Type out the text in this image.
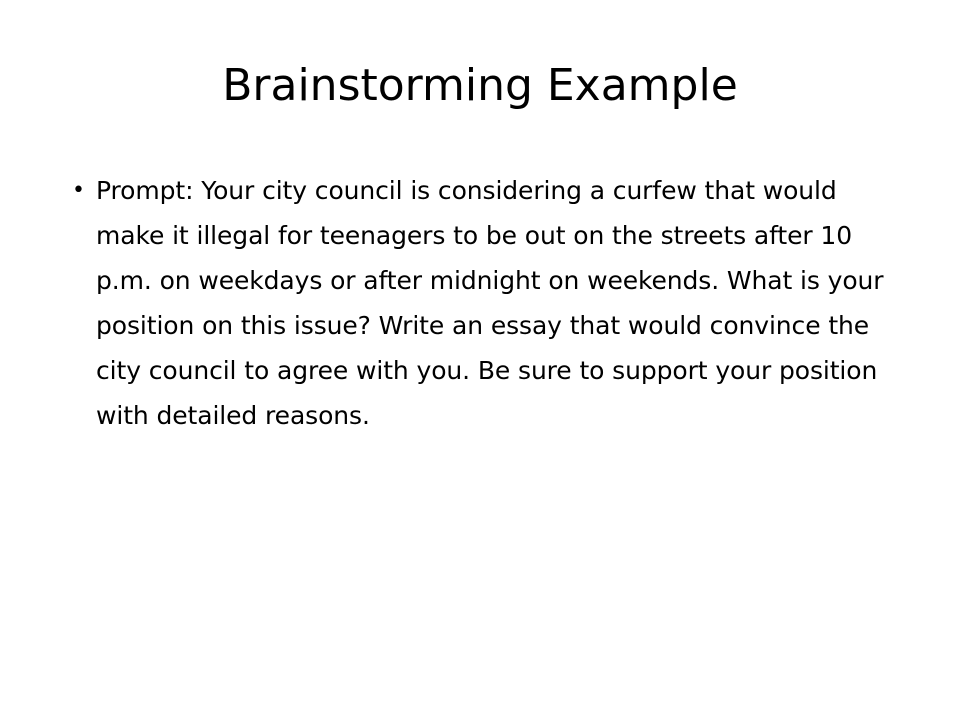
Brainstorming Example
• Prompt: Your city council is considering a curfew that would make it illegal for teenagers to be out on the streets after 10 p.m. on weekdays or after midnight on weekends. What is your position on this issue? Write an essay that would convince the city council to agree with you. Be sure to support your position with detailed reasons.
